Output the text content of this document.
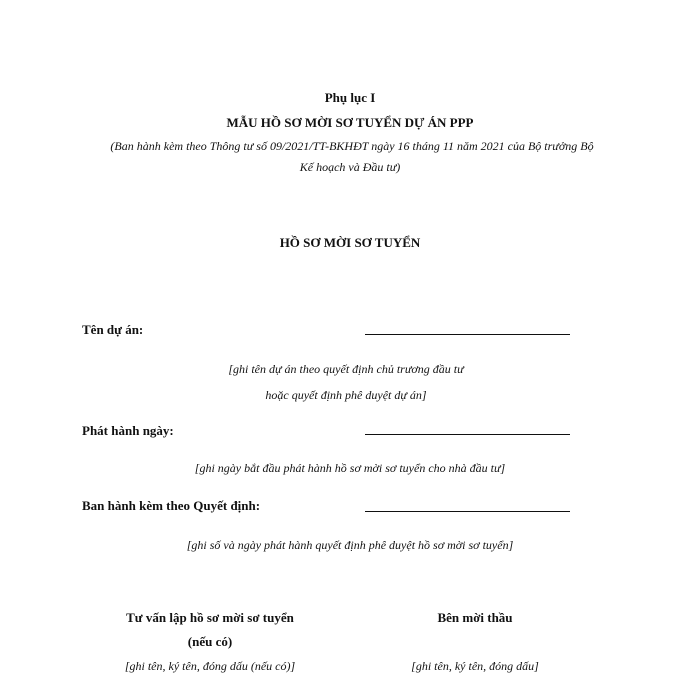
Phụ lục I
MẪU HỒ SƠ MỜI SƠ TUYỂN DỰ ÁN PPP
(Ban hành kèm theo Thông tư số 09/2021/TT-BKHĐT ngày 16 tháng 11 năm 2021 của Bộ trưởng Bộ
Kế hoạch và Đầu tư)
HỒ SƠ MỜI SƠ TUYỂN
Tên dự án:
[ghi tên dự án theo quyết định chủ trương đầu tư
hoặc quyết định phê duyệt dự án]
Phát hành ngày:
[ghi ngày bắt đầu phát hành hồ sơ mời sơ tuyển cho nhà đầu tư]
Ban hành kèm theo Quyết định:
[ghi số và ngày phát hành quyết định phê duyệt hồ sơ mời sơ tuyển]
Tư vấn lập hồ sơ mời sơ tuyển
(nếu có)
[ghi tên, ký tên, đóng dấu (nếu có)]
Bên mời thầu
[ghi tên, ký tên, đóng dấu]
